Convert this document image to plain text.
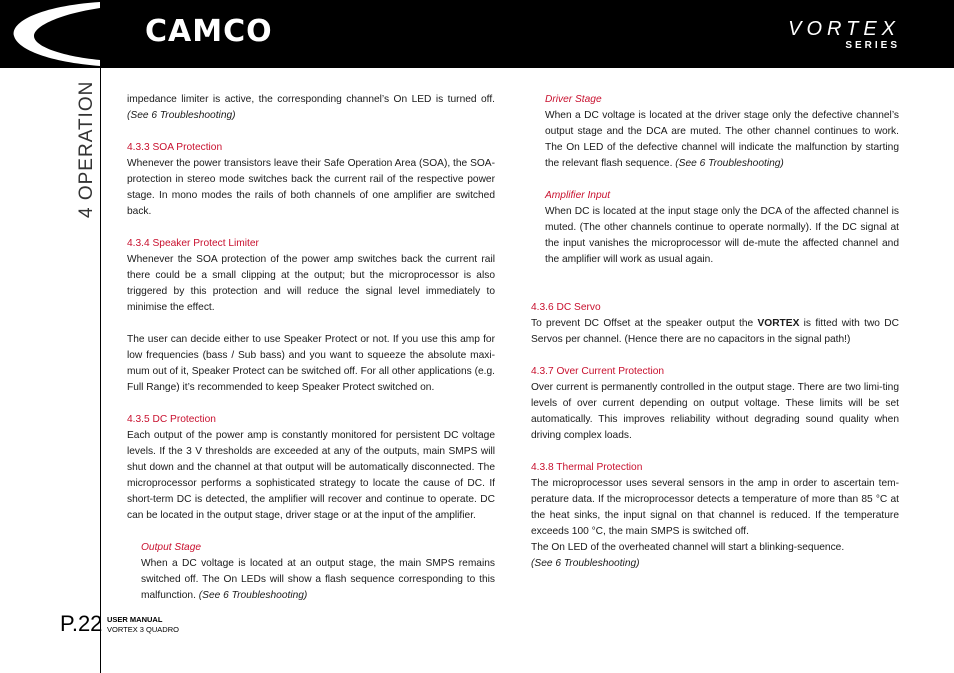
CAMCO	VORTEX
SERIES
4 OPERATION
P.22 USER MANUAL
VORTEX 3 QUADRO

impedance limiter is active, the corresponding channel’s On LED is turned off. (See 6 Troubleshooting)

4.3.3 SOA Protection

Whenever the power transistors leave their Safe Operation Area (SOA), the SOA-protection in stereo mode switches back the current rail of the respective power stage. In mono modes the rails of both channels of one amplifier are switched back.

4.3.4 Speaker Protect Limiter

Whenever the SOA protection of the power amp switches back the current rail there could be a small clipping at the output; but the microprocessor is also triggered by this protection and will reduce the signal level immediately to minimise the effect.

The user can decide either to use Speaker Protect or not. If you use this amp for low frequencies (bass / Sub bass) and you want to squeeze the absolute maxi-mum out of it, Speaker Protect can be switched off. For all other applications (e.g. Full Range) it’s recommended to keep Speaker Protect switched on.

4.3.5 DC Protection

Each output of the power amp is constantly monitored for persistent DC voltage levels. If the 3 V thresholds are exceeded at any of the outputs, main SMPS will shut down and the channel at that output will be automatically disconnected. The microprocessor performs a sophisticated strategy to locate the cause of DC. If short-term DC is detected, the amplifier will recover and continue to operate. DC can be located in the output stage, driver stage or at the input of the amplifier.

Output Stage

When a DC voltage is located at an output stage, the main SMPS remains switched off. The On LEDs will show a flash sequence corresponding to this malfunction. (See 6 Troubleshooting)

Driver Stage

When a DC voltage is located at the driver stage only the defective channel’s output stage and the DCA are muted. The other channel continues to work. The On LED of the defective channel will indicate the malfunction by starting the relevant flash sequence. (See 6 Troubleshooting)

Amplifier Input

When DC is located at the input stage only the DCA of the affected channel is muted. (The other channels continue to operate normally). If the DC signal at the input vanishes the microprocessor will de-mute the affected channel and the amplifier will work as usual again.

4.3.6 DC Servo

To prevent DC Offset at the speaker output the VORTEX is fitted with two DC Servos per channel. (Hence there are no capacitors in the signal path!)

4.3.7 Over Current Protection

Over current is permanently controlled in the output stage. There are two limi-ting levels of over current depending on output voltage. These limits will be set automatically. This improves reliability without degrading sound quality when driving complex loads.

4.3.8 Thermal Protection

The microprocessor uses several sensors in the amp in order to ascertain tem-perature data. If the microprocessor detects a temperature of more than 85 °C at the heat sinks, the input signal on that channel is reduced. If the temperature exceeds 100 °C, the main SMPS is switched off.

The On LED of the overheated channel will start a blinking-sequence.
(See 6 Troubleshooting)
